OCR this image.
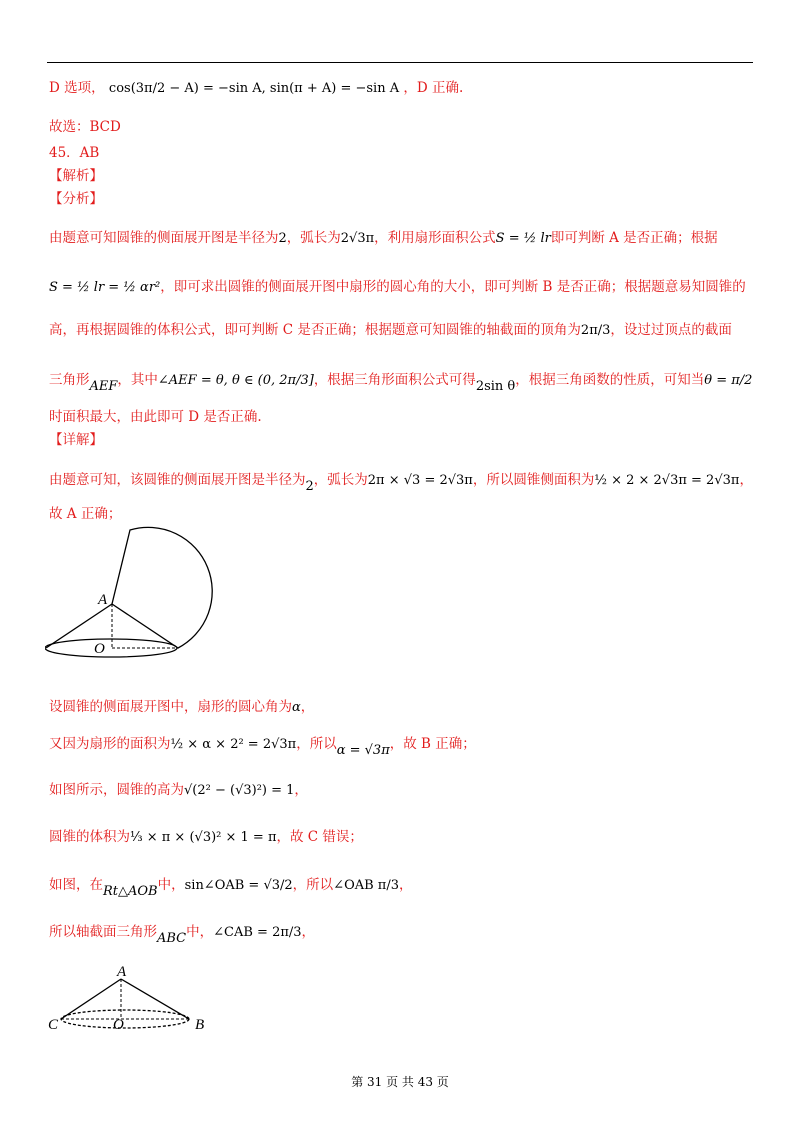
D 选项， cos(3π/2 − A) = −sin A, sin(π + A) = −sin A ，D 正确.
故选：BCD
45．AB
【解析】
【分析】
由题意可知圆锥的侧面展开图是半径为2，弧长为2√3π，利用扇形面积公式S = ½ lr即可判断 A 是否正确；根据
S = ½ lr = ½ αr²，即可求出圆锥的侧面展开图中扇形的圆心角的大小，即可判断 B 是否正确；根据题意易知圆锥的
高，再根据圆锥的体积公式，即可判断 C 是否正确；根据题意可知圆锥的轴截面的顶角为2π/3，设过过顶点的截面
三角形AEF，其中∠AEF = θ, θ ∈ (0, 2π/3]，根据三角形面积公式可得2sin θ，根据三角函数的性质，可知当θ = π/2
时面积最大，由此即可 D 是否正确.
【详解】
由题意可知，该圆锥的侧面展开图是半径为2，弧长为2π × √3 = 2√3π，所以圆锥侧面积为½ × 2 × 2√3π = 2√3π，
故 A 正确；
A
O
设圆锥的侧面展开图中，扇形的圆心角为α，
又因为扇形的面积为½ × α × 2² = 2√3π，所以α = √3π，故 B 正确；
如图所示，圆锥的高为√(2² − (√3)²) = 1，
圆锥的体积为⅓ × π × (√3)² × 1 = π，故 C 错误；
如图，在Rt△AOB中，sin∠OAB = √3/2，所以∠OAB π/3，
所以轴截面三角形ABC中，∠CAB = 2π/3，
A
O
C	B
第 31 页 共 43 页
